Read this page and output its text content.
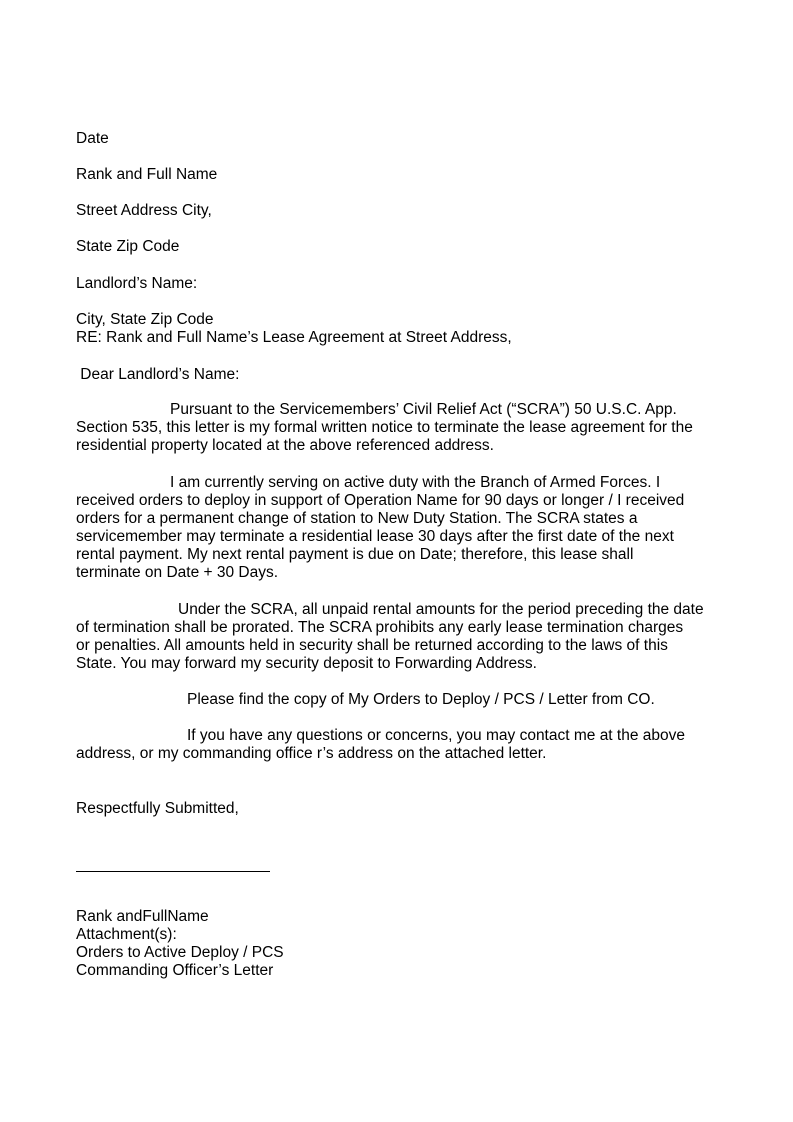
Date
Rank and Full Name
Street Address City,
State Zip Code
Landlord’s Name:
City, State Zip Code
RE: Rank and Full Name’s Lease Agreement at Street Address,
Dear Landlord’s Name:
Pursuant to the Servicemembers’ Civil Relief Act (“SCRA”) 50 U.S.C. App.
Section 535, this letter is my formal written notice to terminate the lease agreement for the
residential property located at the above referenced address.
I am currently serving on active duty with the Branch of Armed Forces. I
received orders to deploy in support of Operation Name for 90 days or longer / I received
orders for a permanent change of station to New Duty Station. The SCRA states a
servicemember may terminate a residential lease 30 days after the first date of the next
rental payment. My next rental payment is due on Date; therefore, this lease shall
terminate on Date + 30 Days.
Under the SCRA, all unpaid rental amounts for the period preceding the date
of termination shall be prorated. The SCRA prohibits any early lease termination charges
or penalties. All amounts held in security shall be returned according to the laws of this
State. You may forward my security deposit to Forwarding Address.
Please find the copy of My Orders to Deploy / PCS / Letter from CO.
If you have any questions or concerns, you may contact me at the above
address, or my commanding office r’s address on the attached letter.
Respectfully Submitted,
Rank andFullName
Attachment(s):
Orders to Active Deploy / PCS
Commanding Officer’s Letter
